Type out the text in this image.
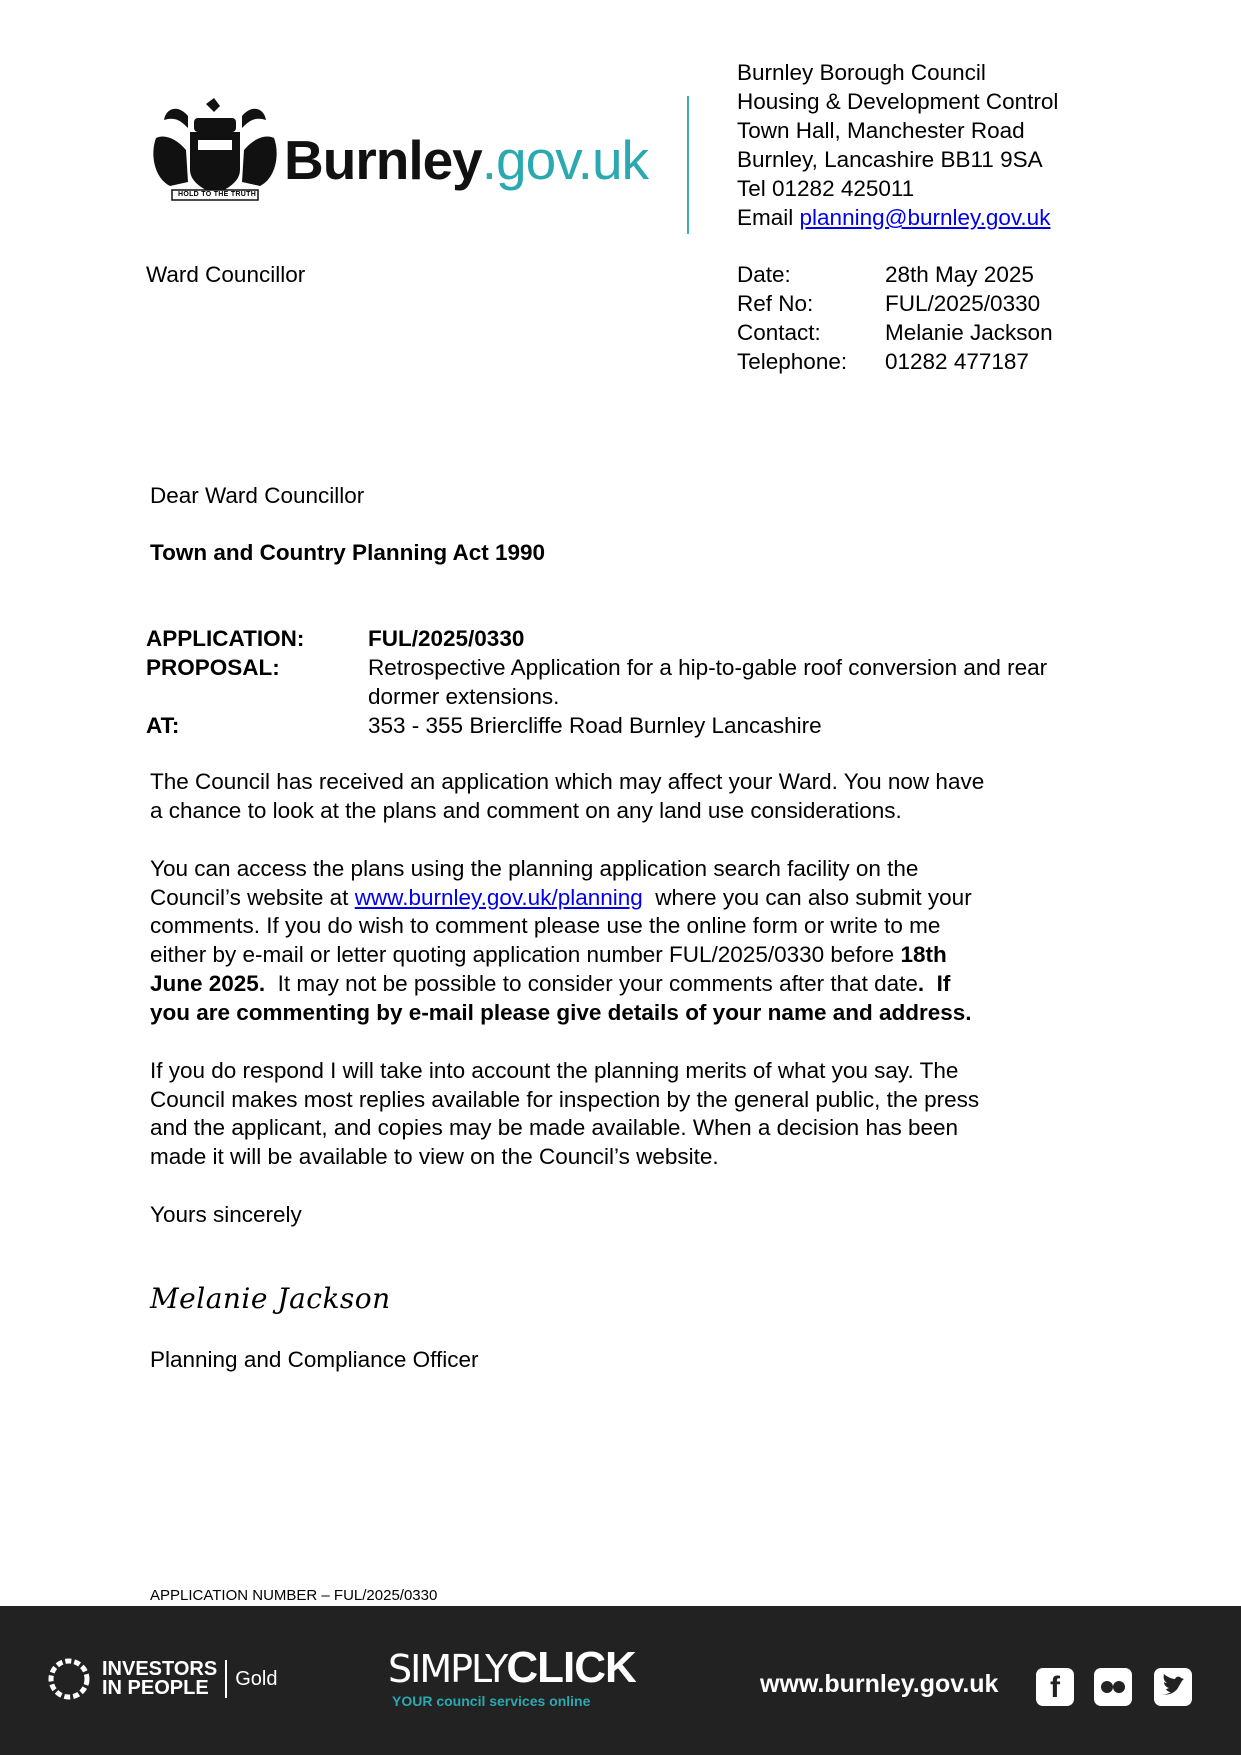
HOLD TO THE TRUTH
Burnley.gov.uk
Burnley Borough Council
Housing & Development Control
Town Hall, Manchester Road
Burnley, Lancashire BB11 9SA
Tel 01282 425011
Email planning@burnley.gov.uk
Ward Councillor	Date:	28th May 2025
Ref No:	FUL/2025/0330
Contact:	Melanie Jackson
Telephone:	01282 477187
Dear Ward Councillor
Town and Country Planning Act 1990
APPLICATION:	FUL/2025/0330
PROPOSAL:	Retrospective Application for a hip-to-gable roof conversion and rear
dormer extensions.
AT:	353 - 355 Briercliffe Road Burnley Lancashire

The Council has received an application which may affect your Ward. You now have

a chance to look at the plans and comment on any land use considerations.

You can access the plans using the planning application search facility on the

Council’s website at www.burnley.gov.uk/planning  where you can also submit your

comments. If you do wish to comment please use the online form or write to me

either by e-mail or letter quoting application number FUL/2025/0330 before 18th

June 2025.  It may not be possible to consider your comments after that date.  If

you are commenting by e-mail please give details of your name and address.

If you do respond I will take into account the planning merits of what you say. The

Council makes most replies available for inspection by the general public, the press

and the applicant, and copies may be made available. When a decision has been

made it will be available to view on the Council’s website.

Yours sincerely
Melanie Jackson
Planning and Compliance Officer
APPLICATION NUMBER – FUL/2025/0330
INVESTORS
IN PEOPLE	Gold	SIMPLYCLICK
YOUR council services online
www.burnley.gov.uk	f
